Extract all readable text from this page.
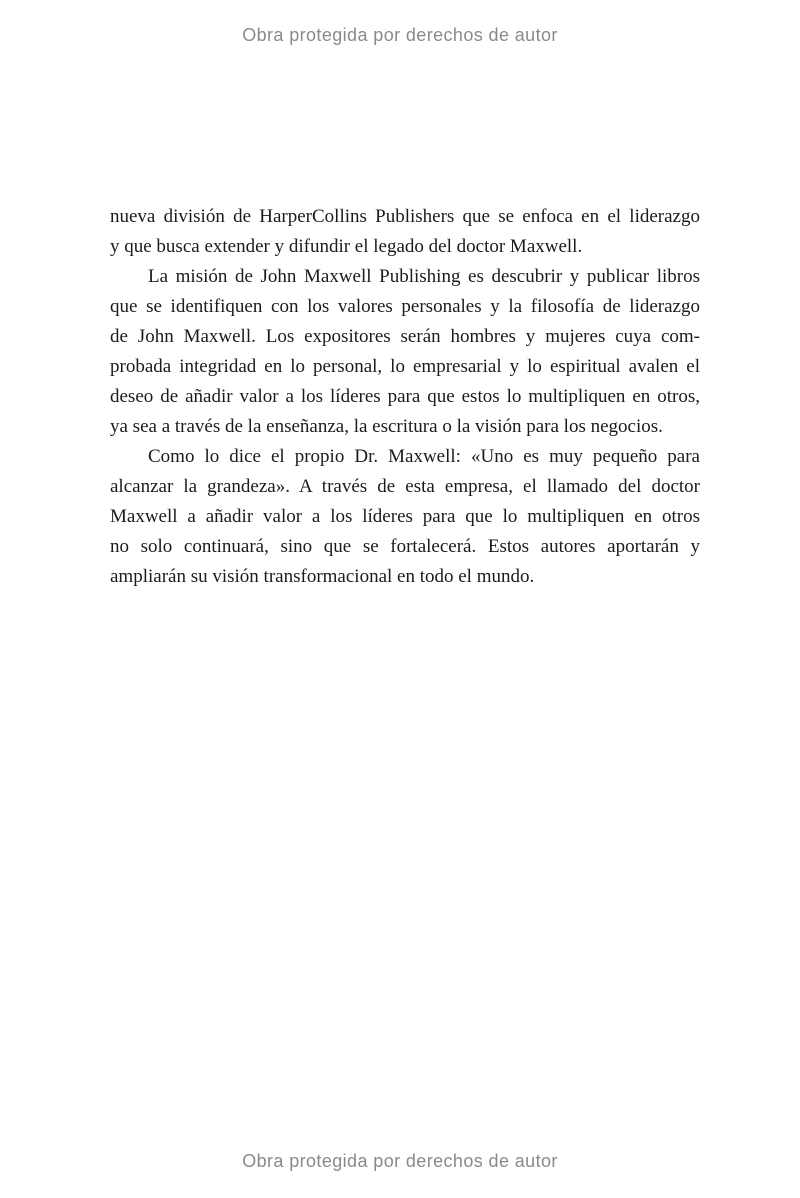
Obra protegida por derechos de autor
nueva división de HarperCollins Publishers que se enfoca en el liderazgo
y que busca extender y difundir el legado del doctor Maxwell.
La misión de John Maxwell Publishing es descubrir y publicar libros
que se identifiquen con los valores personales y la filosofía de liderazgo
de John Maxwell. Los expositores serán hombres y mujeres cuya com-
probada integridad en lo personal, lo empresarial y lo espiritual avalen el
deseo de añadir valor a los líderes para que estos lo multipliquen en otros,
ya sea a través de la enseñanza, la escritura o la visión para los negocios.
Como lo dice el propio Dr. Maxwell: «Uno es muy pequeño para
alcanzar la grandeza». A través de esta empresa, el llamado del doctor
Maxwell a añadir valor a los líderes para que lo multipliquen en otros
no solo continuará, sino que se fortalecerá. Estos autores aportarán y
ampliarán su visión transformacional en todo el mundo.
Obra protegida por derechos de autor
